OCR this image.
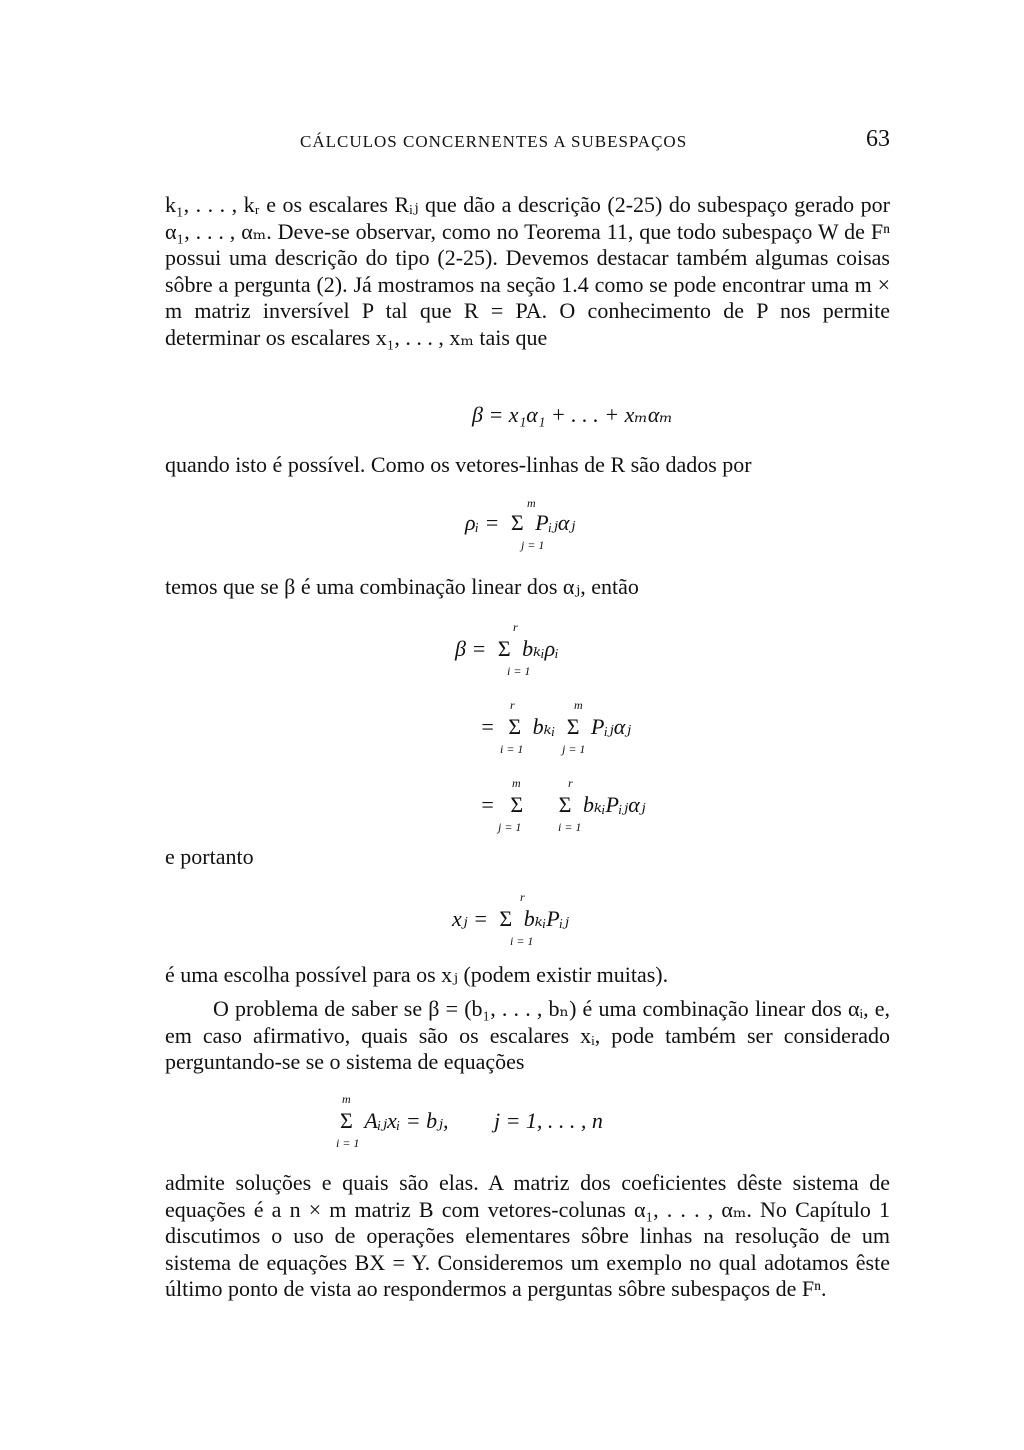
CÁLCULOS CONCERNENTES A SUBESPAÇOS	63

k₁, . . . , kᵣ e os escalares Rᵢⱼ que dão a descrição (2-25) do subespaço gerado por α₁, . . . , αₘ. Deve-se observar, como no Teorema 11, que todo subespaço W de Fⁿ possui uma descrição do tipo (2-25). Devemos destacar também algumas coisas sôbre a pergunta (2). Já mostramos na seção 1.4 como se pode encontrar uma m × m matriz inversível P tal que R = PA. O conhecimento de P nos permite determinar os escalares x₁, . . . , xₘ tais que

β = x₁α₁ + . . . + xₘαₘ

quando isto é possível. Como os vetores-linhas de R são dados por

ρᵢ = Σ
m
j = 1
Pᵢⱼαⱼ

temos que se β é uma combinação linear dos αⱼ, então

β = Σ
r
i = 1
bₖᵢρᵢ
= Σ
r
i = 1
bₖᵢ Σ
m
j = 1
Pᵢⱼαⱼ
= Σ
m
j = 1
Σ
r
i = 1
bₖᵢPᵢⱼαⱼ

e portanto

xⱼ = Σ
r
i = 1
bₖᵢPᵢⱼ

é uma escolha possível para os xⱼ (podem existir muitas).

O problema de saber se β = (b₁, . . . , bₙ) é uma combinação linear dos αᵢ, e, em caso afirmativo, quais são os escalares xᵢ, pode também ser considerado perguntando-se se o sistema de equações

Σ
m
i = 1
Aᵢⱼxᵢ = bⱼ, j = 1, . . . , n

admite soluções e quais são elas. A matriz dos coeficientes dêste sistema de equações é a n × m matriz B com vetores-colunas α₁, . . . , αₘ. No Capítulo 1 discutimos o uso de operações elementares sôbre linhas na resolução de um sistema de equações BX = Y. Consideremos um exemplo no qual adotamos êste último ponto de vista ao respondermos a perguntas sôbre subespaços de Fⁿ.
